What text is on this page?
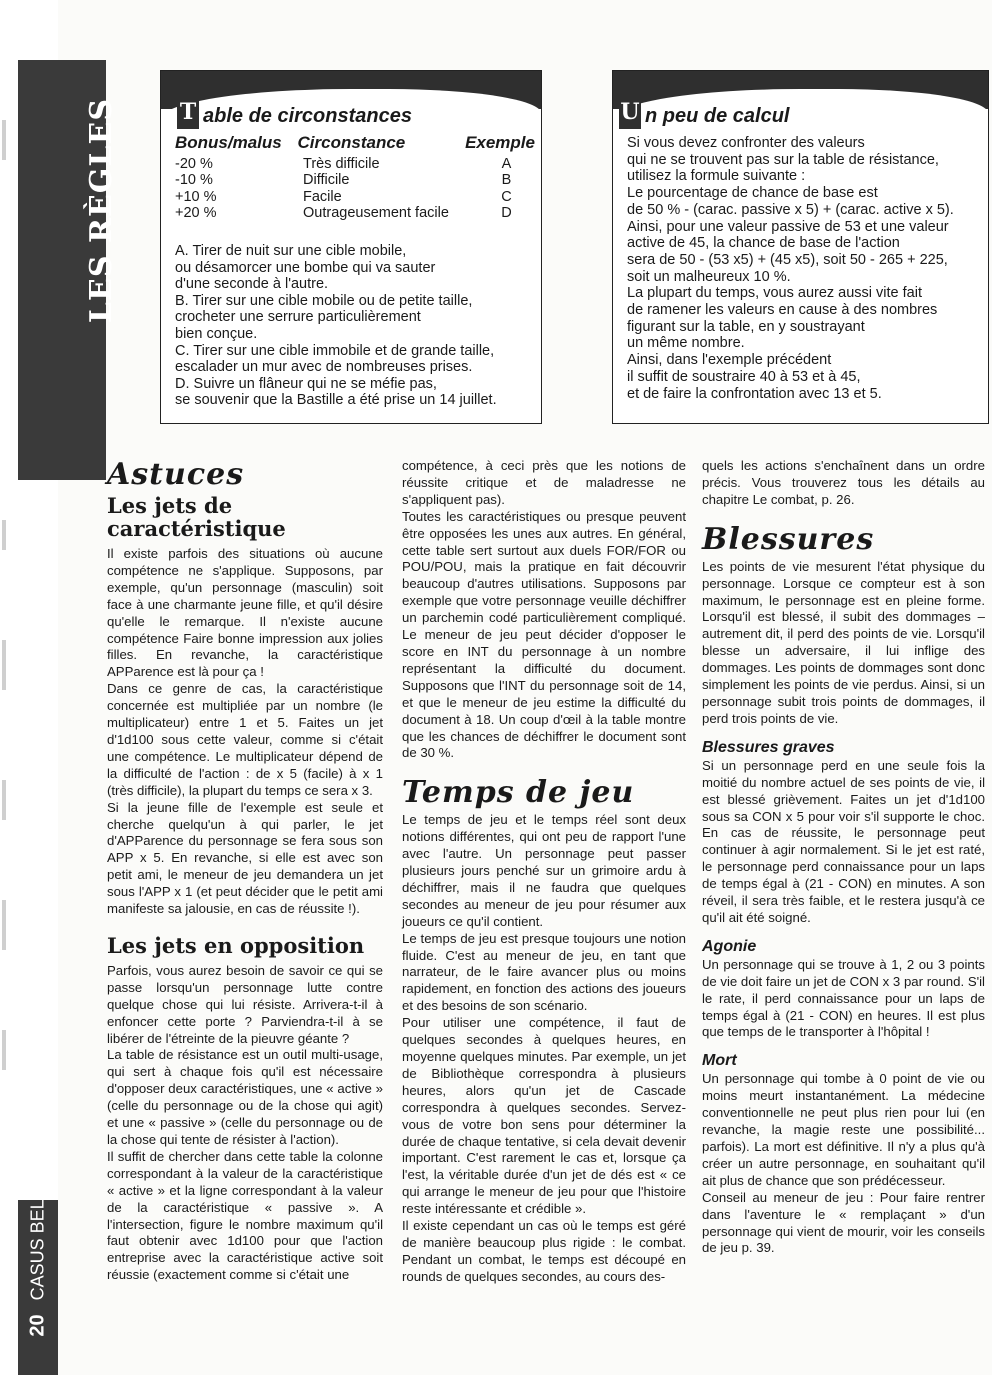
LES RÈGLES
20CASUS BELLI
T able de circonstances
Bonus/malus Circonstance	Exemple
-20 %	Très difficile	A
-10 %	Difficile	B
+10 %	Facile	C
+20 %	Outrageusement facile	D

A. Tirer de nuit sur une cible mobile,

ou désamorcer une bombe qui va sauter

d'une seconde à l'autre.

B. Tirer sur une cible mobile ou de petite taille,

crocheter une serrure particulièrement

bien conçue.

C. Tirer sur une cible immobile et de grande taille,

escalader un mur avec de nombreuses prises.

D. Suivre un flâneur qui ne se méfie pas,

se souvenir que la Bastille a été prise un 14 juillet.

U n peu de calcul

Si vous devez confronter des valeurs

qui ne se trouvent pas sur la table de résistance,

utilisez la formule suivante :

Le pourcentage de chance de base est

de 50 % - (carac. passive x 5) + (carac. active x 5).

Ainsi, pour une valeur passive de 53 et une valeur

active de 45, la chance de base de l'action

sera de 50 - (53 x5) + (45 x5), soit 50 - 265 + 225,

soit un malheureux 10 %.

La plupart du temps, vous aurez aussi vite fait

de ramener les valeurs en cause à des nombres

figurant sur la table, en y soustrayant

un même nombre.

Ainsi, dans l'exemple précédent

il suffit de soustraire 40 à 53 et à 45,

et de faire la confrontation avec 13 et 5.

Astuces
Les jets de caractéristique

Il existe parfois des situations où aucune compétence ne s'applique. Supposons, par exemple, qu'un personnage (masculin) soit face à une charmante jeune fille, et qu'il désire qu'elle le remarque. Il n'existe aucune compétence Faire bonne impression aux jolies filles. En revanche, la caractéristique APParence est là pour ça !

Dans ce genre de cas, la caractéristique concernée est multipliée par un nombre (le multiplicateur) entre 1 et 5. Faites un jet d'1d100 sous cette valeur, comme si c'était une compétence. Le multiplicateur dépend de la difficulté de l'action : de x 5 (facile) à x 1 (très difficile), la plupart du temps ce sera x 3.

Si la jeune fille de l'exemple est seule et cherche quelqu'un à qui parler, le jet d'APParence du personnage se fera sous son APP x 5. En revanche, si elle est avec son petit ami, le meneur de jeu demandera un jet sous l'APP x 1 (et peut décider que le petit ami manifeste sa jalousie, en cas de réussite !).

Les jets en opposition

Parfois, vous aurez besoin de savoir ce qui se passe lorsqu'un personnage lutte contre quelque chose qui lui résiste. Arrivera-t-il à enfoncer cette porte ? Parviendra-t-il à se libérer de l'étreinte de la pieuvre géante ?

La table de résistance est un outil multi-usage, qui sert à chaque fois qu'il est nécessaire d'opposer deux caractéristiques, une « active » (celle du personnage ou de la chose qui agit) et une « passive » (celle du personnage ou de la chose qui tente de résister à l'action).

Il suffit de chercher dans cette table la colonne correspondant à la valeur de la caractéristique « active » et la ligne correspondant à la valeur de la caractéristique « passive ». A l'intersection, figure le nombre maximum qu'il faut obtenir avec 1d100 pour que l'action entreprise avec la caractéristique active soit réussie (exactement comme si c'était une

compétence, à ceci près que les notions de réussite critique et de maladresse ne s'appliquent pas).

Toutes les caractéristiques ou presque peuvent être opposées les unes aux autres. En général, cette table sert surtout aux duels FOR/FOR ou POU/POU, mais la pratique en fait découvrir beaucoup d'autres utilisations. Supposons par exemple que votre personnage veuille déchiffrer un parchemin codé particulièrement compliqué. Le meneur de jeu peut décider d'opposer le score en INT du personnage à un nombre représentant la difficulté du document. Supposons que l'INT du personnage soit de 14, et que le meneur de jeu estime la difficulté du document à 18. Un coup d'œil à la table montre que les chances de déchiffrer le document sont de 30 %.

Temps de jeu

Le temps de jeu et le temps réel sont deux notions différentes, qui ont peu de rapport l'une avec l'autre. Un personnage peut passer plusieurs jours penché sur un grimoire ardu à déchiffrer, mais il ne faudra que quelques secondes au meneur de jeu pour résumer aux joueurs ce qu'il contient.

Le temps de jeu est presque toujours une notion fluide. C'est au meneur de jeu, en tant que narrateur, de le faire avancer plus ou moins rapidement, en fonction des actions des joueurs et des besoins de son scénario.

Pour utiliser une compétence, il faut de quelques secondes à quelques heures, en moyenne quelques minutes. Par exemple, un jet de Bibliothèque correspondra à plusieurs heures, alors qu'un jet de Cascade correspondra à quelques secondes. Servez-vous de votre bon sens pour déterminer la durée de chaque tentative, si cela devait devenir important. C'est rarement le cas et, lorsque ça l'est, la véritable durée d'un jet de dés est « ce qui arrange le meneur de jeu pour que l'histoire reste intéressante et crédible ».

Il existe cependant un cas où le temps est géré de manière beaucoup plus rigide : le combat. Pendant un combat, le temps est découpé en rounds de quelques secondes, au cours des-

quels les actions s'enchaînent dans un ordre précis. Vous trouverez tous les détails au chapitre Le combat, p. 26.

Blessures

Les points de vie mesurent l'état physique du personnage. Lorsque ce compteur est à son maximum, le personnage est en pleine forme. Lorsqu'il est blessé, il subit des dommages – autrement dit, il perd des points de vie. Lorsqu'il blesse un adversaire, il lui inflige des dommages. Les points de dommages sont donc simplement les points de vie perdus. Ainsi, si un personnage subit trois points de dommages, il perd trois points de vie.

Blessures graves

Si un personnage perd en une seule fois la moitié du nombre actuel de ses points de vie, il est blessé grièvement. Faites un jet d'1d100 sous sa CON x 5 pour voir s'il supporte le choc. En cas de réussite, le personnage peut continuer à agir normalement. Si le jet est raté, le personnage perd connaissance pour un laps de temps égal à (21 - CON) en minutes. A son réveil, il sera très faible, et le restera jusqu'à ce qu'il ait été soigné.

Agonie

Un personnage qui se trouve à 1, 2 ou 3 points de vie doit faire un jet de CON x 3 par round. S'il le rate, il perd connaissance pour un laps de temps égal à (21 - CON) en heures. Il est plus que temps de le transporter à l'hôpital !

Mort

Un personnage qui tombe à 0 point de vie ou moins meurt instantanément. La médecine conventionnelle ne peut plus rien pour lui (en revanche, la magie reste une possibilité... parfois). La mort est définitive. Il n'y a plus qu'à créer un autre personnage, en souhaitant qu'il ait plus de chance que son prédécesseur.

Conseil au meneur de jeu : Pour faire rentrer dans l'aventure le « remplaçant » d'un personnage qui vient de mourir, voir les conseils de jeu p. 39.
